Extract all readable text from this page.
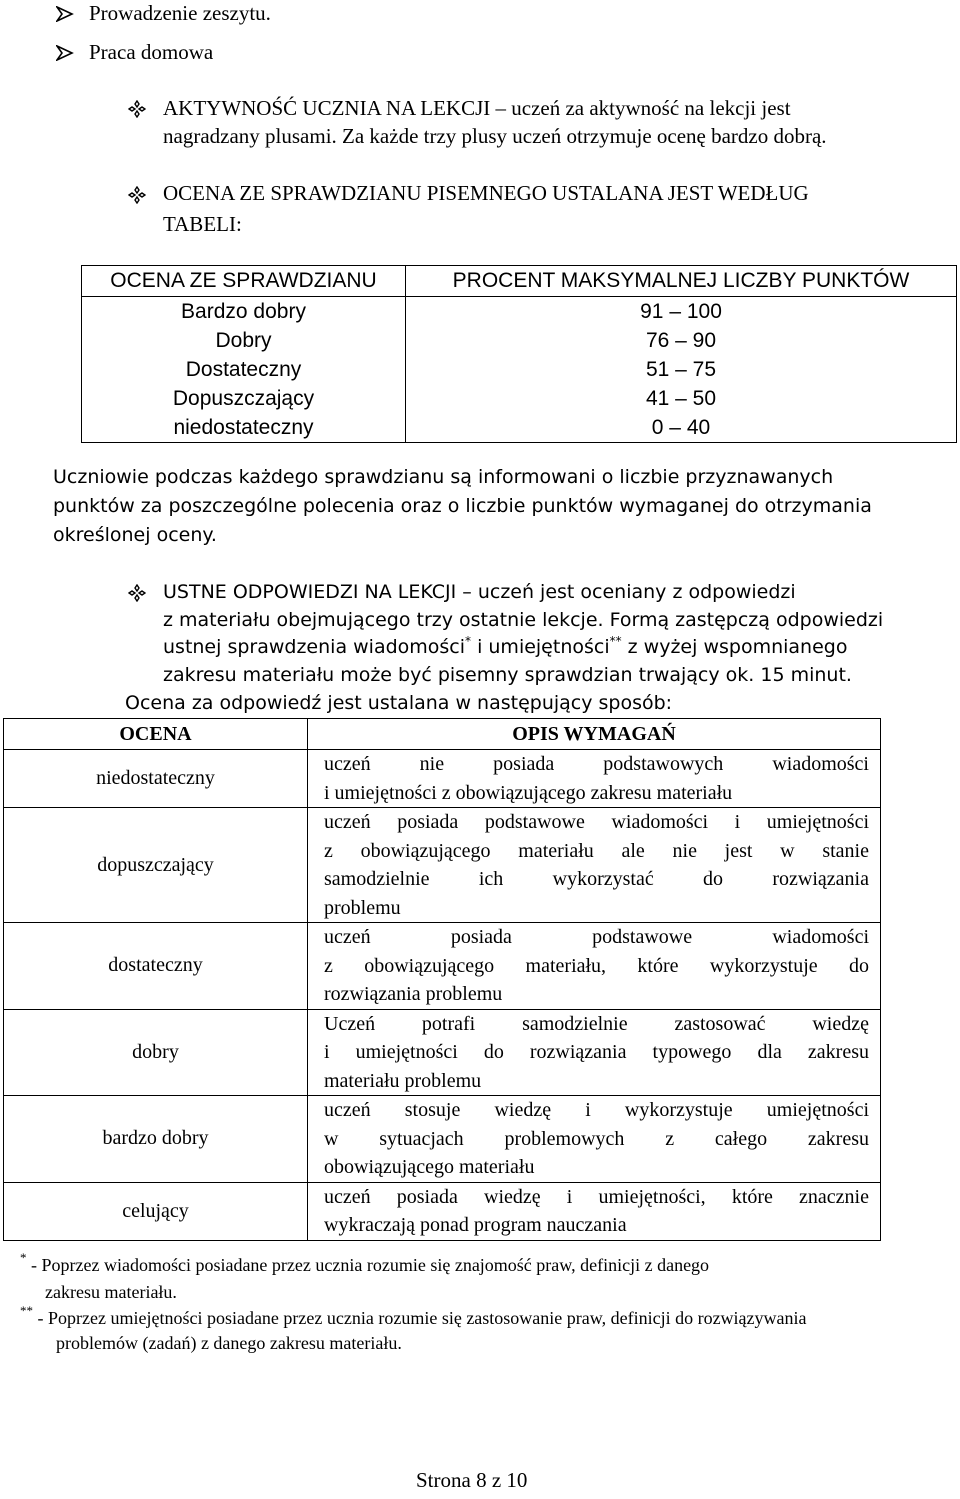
Prowadzenie zeszytu.
Praca domowa
AKTYWNOŚĆ UCZNIA NA LEKCJI – uczeń za aktywność na lekcji jest
nagradzany plusami. Za każde trzy plusy uczeń otrzymuje ocenę bardzo dobrą.
OCENA ZE SPRAWDZIANU PISEMNEGO USTALANA JEST WEDŁUG
TABELI:
OCENA ZE SPRAWDZIANU	PROCENT MAKSYMALNEJ LICZBY PUNKTÓW
Bardzo dobry	91 – 100
Dobry	76 – 90
Dostateczny	51 – 75
Dopuszczający	41 – 50
niedostateczny	0 – 40
Uczniowie podczas każdego sprawdzianu są informowani o liczbie przyznawanych
punktów za poszczególne polecenia oraz o liczbie punktów wymaganej do otrzymania
określonej oceny.
USTNE ODPOWIEDZI NA LEKCJI – uczeń jest oceniany z odpowiedzi
z materiału obejmującego trzy ostatnie lekcje. Formą zastępczą odpowiedzi
ustnej sprawdzenia wiadomości* i umiejętności** z wyżej wspomnianego
zakresu materiału może być pisemny sprawdzian trwający ok. 15 minut.
Ocena za odpowiedź jest ustalana w następujący sposób:
OCENA	OPIS WYMAGAŃ
niedostateczny	uczeń nie posiada podstawowych wiadomości
i umiejętności z obowiązującego zakresu materiału

dopuszczający	uczeń posiada podstawowe wiadomości i umiejętności
z obowiązującego materiału ale nie jest w stanie
samodzielnie ich wykorzystać do rozwiązania
problemu

dostateczny	uczeń posiada podstawowe wiadomości
z obowiązującego materiału, które wykorzystuje do
rozwiązania problemu

dobry	Uczeń potrafi samodzielnie zastosować wiedzę
i umiejętności do rozwiązania typowego dla zakresu
materiału problemu

bardzo dobry	uczeń stosuje wiedzę i wykorzystuje umiejętności
w sytuacjach problemowych z całego zakresu
obowiązującego materiału

celujący	uczeń posiada wiedzę i umiejętności, które znacznie
wykraczają ponad program nauczania
* - Poprzez wiadomości posiadane przez ucznia rozumie się znajomość praw, definicji z danego
zakresu materiału.
** - Poprzez umiejętności posiadane przez ucznia rozumie się zastosowanie praw, definicji do rozwiązywania
problemów (zadań) z danego zakresu materiału.
Strona 8 z 10
